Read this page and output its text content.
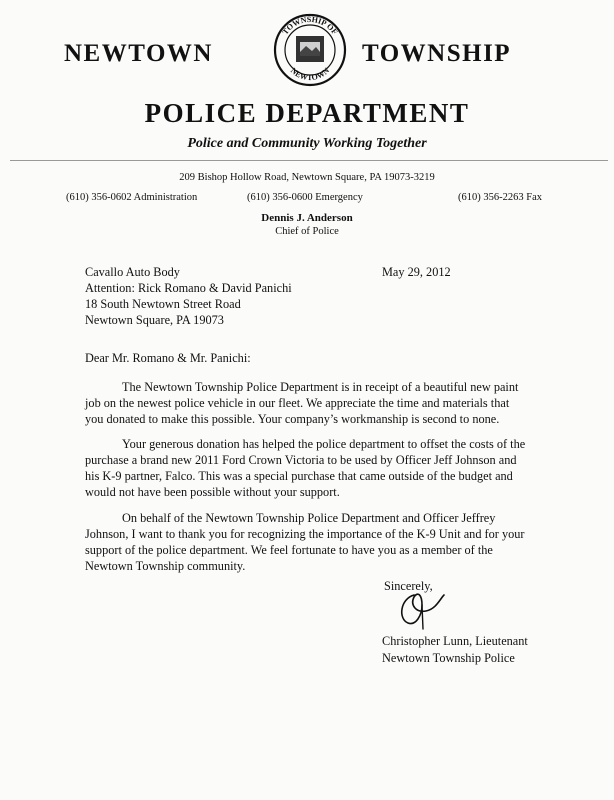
NEWTOWN
TOWNSHIP OF
NEWTOWN
TOWNSHIP
POLICE DEPARTMENT
Police and Community Working Together
209 Bishop Hollow Road, Newtown Square, PA 19073-3219
(610) 356-0602 Administration	(610) 356-0600 Emergency	(610) 356-2263 Fax
Dennis J. Anderson
Chief of Police
Cavallo Auto Body
Attention: Rick Romano & David Panichi
18 South Newtown Street Road
Newtown Square, PA 19073
May 29, 2012
Dear Mr. Romano & Mr. Panichi:
The Newtown Township Police Department is in receipt of a beautiful new paint
job on the newest police vehicle in our fleet. We appreciate the time and materials that
you donated to make this possible. Your company’s workmanship is second to none.
Your generous donation has helped the police department to offset the costs of the
purchase a brand new 2011 Ford Crown Victoria to be used by Officer Jeff Johnson and
his K-9 partner, Falco. This was a special purchase that came outside of the budget and
would not have been possible without your support.
On behalf of the Newtown Township Police Department and Officer Jeffrey
Johnson, I want to thank you for recognizing the importance of the K-9 Unit and for your
support of the police department. We feel fortunate to have you as a member of the
Newtown Township community.
Sincerely,
Christopher Lunn, Lieutenant
Newtown Township Police
